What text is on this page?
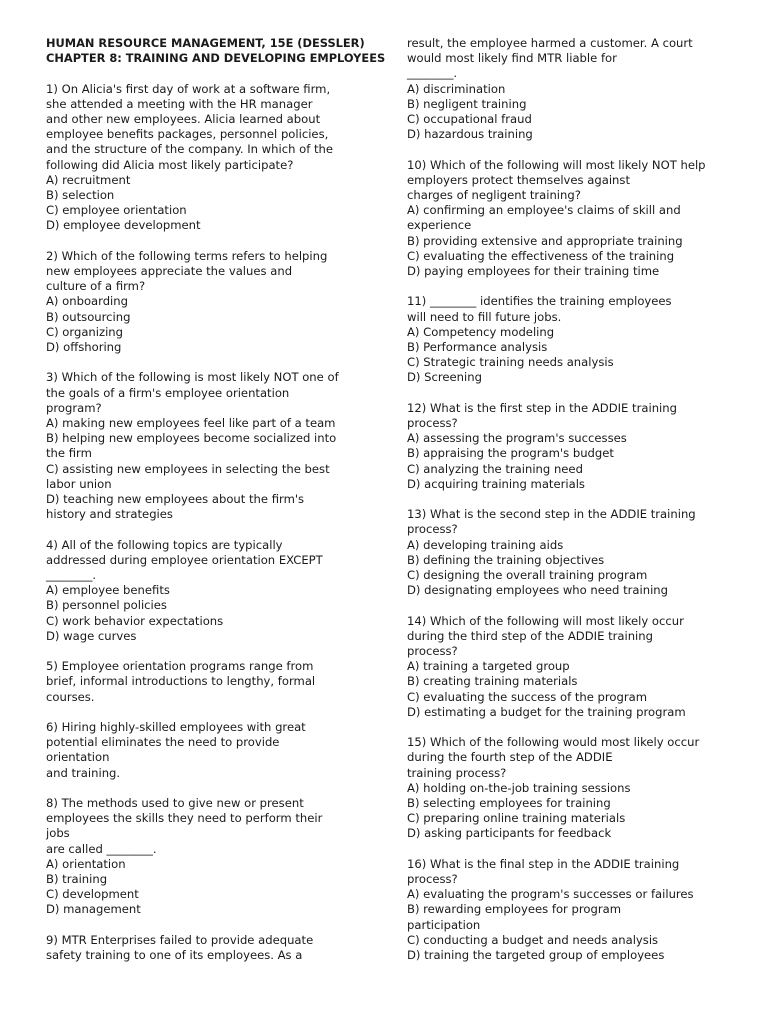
HUMAN RESOURCE MANAGEMENT, 15E (DESSLER)
CHAPTER 8: TRAINING AND DEVELOPING EMPLOYEES
1) On Alicia's first day of work at a software firm,
she attended a meeting with the HR manager
and other new employees. Alicia learned about
employee benefits packages, personnel policies,
and the structure of the company. In which of the
following did Alicia most likely participate?
A) recruitment
B) selection
C) employee orientation
D) employee development
2) Which of the following terms refers to helping
new employees appreciate the values and
culture of a firm?
A) onboarding
B) outsourcing
C) organizing
D) offshoring
3) Which of the following is most likely NOT one of
the goals of a firm's employee orientation
program?
A) making new employees feel like part of a team
B) helping new employees become socialized into
the firm
C) assisting new employees in selecting the best
labor union
D) teaching new employees about the firm's
history and strategies
4) All of the following topics are typically
addressed during employee orientation EXCEPT
________.
A) employee benefits
B) personnel policies
C) work behavior expectations
D) wage curves
5) Employee orientation programs range from
brief, informal introductions to lengthy, formal
courses.
6) Hiring highly-skilled employees with great
potential eliminates the need to provide
orientation
and training.
8) The methods used to give new or present
employees the skills they need to perform their
jobs
are called ________.
A) orientation
B) training
C) development
D) management
9) MTR Enterprises failed to provide adequate
safety training to one of its employees. As a
result, the employee harmed a customer. A court
would most likely find MTR liable for
________.
A) discrimination
B) negligent training
C) occupational fraud
D) hazardous training
10) Which of the following will most likely NOT help
employers protect themselves against
charges of negligent training?
A) confirming an employee's claims of skill and
experience
B) providing extensive and appropriate training
C) evaluating the effectiveness of the training
D) paying employees for their training time
11) ________ identifies the training employees
will need to fill future jobs.
A) Competency modeling
B) Performance analysis
C) Strategic training needs analysis
D) Screening
12) What is the first step in the ADDIE training
process?
A) assessing the program's successes
B) appraising the program's budget
C) analyzing the training need
D) acquiring training materials
13) What is the second step in the ADDIE training
process?
A) developing training aids
B) defining the training objectives
C) designing the overall training program
D) designating employees who need training
14) Which of the following will most likely occur
during the third step of the ADDIE training
process?
A) training a targeted group
B) creating training materials
C) evaluating the success of the program
D) estimating a budget for the training program
15) Which of the following would most likely occur
during the fourth step of the ADDIE
training process?
A) holding on-the-job training sessions
B) selecting employees for training
C) preparing online training materials
D) asking participants for feedback
16) What is the final step in the ADDIE training
process?
A) evaluating the program's successes or failures
B) rewarding employees for program
participation
C) conducting a budget and needs analysis
D) training the targeted group of employees
